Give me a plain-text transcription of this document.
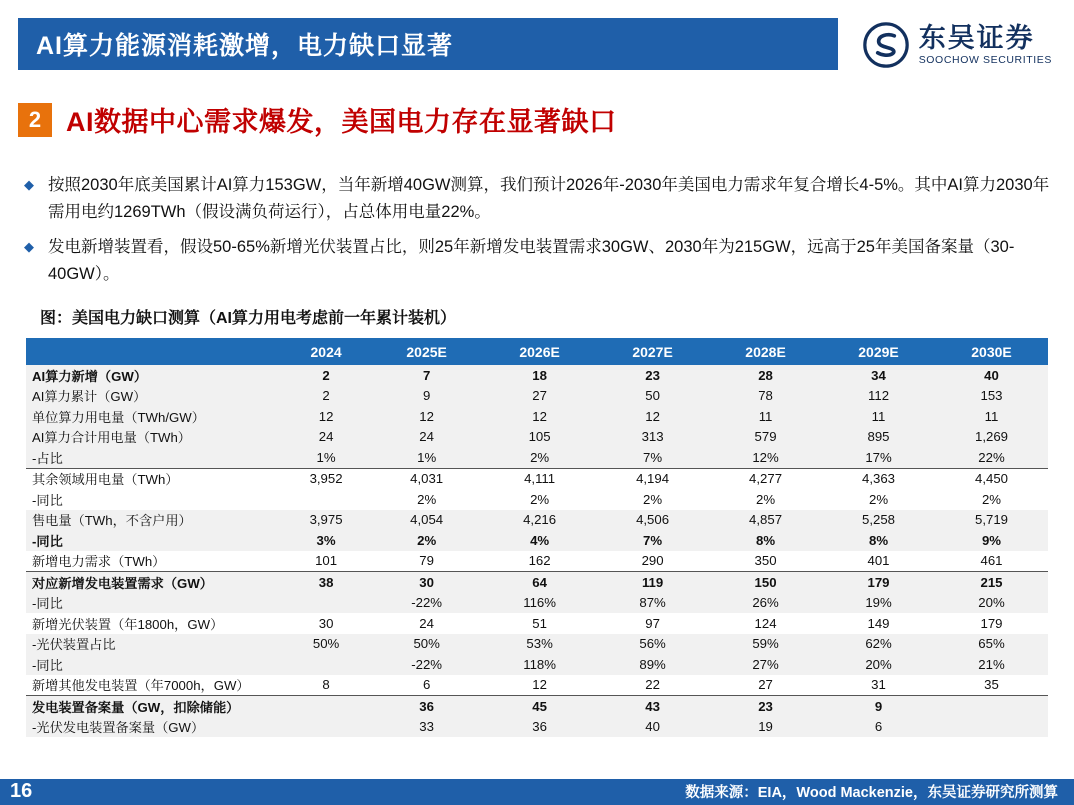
AI算力能源消耗激增，电力缺口显著	东吴证券
SOOCHOW SECURITIES
2 AI数据中心需求爆发，美国电力存在显著缺口
◆ 按照2030年底美国累计AI算力153GW，当年新增40GW测算，我们预计2026年-2030年美国电力需求年复合增长4-5%。其中AI算力2030年需用电约1269TWh（假设满负荷运行），占总体用电量22%。
◆ 发电新增装置看，假设50-65%新增光伏装置占比，则25年新增发电装置需求30GW、2030年为215GW，远高于25年美国备案量（30-40GW）。
图：美国电力缺口测算（AI算力用电考虑前一年累计装机）
	2024	2025E	2026E	2027E	2028E	2029E	2030E
AI算力新增（GW）	2	7	18	23	28	34	40
AI算力累计（GW）	2	9	27	50	78	112	153
单位算力用电量（TWh/GW）	12	12	12	12	11	11	11
AI算力合计用电量（TWh）	24	24	105	313	579	895	1,269
-占比	1%	1%	2%	7%	12%	17%	22%
其余领域用电量（TWh）	3,952	4,031	4,111	4,194	4,277	4,363	4,450
-同比		2%	2%	2%	2%	2%	2%
售电量（TWh，不含户用）	3,975	4,054	4,216	4,506	4,857	5,258	5,719
-同比	3%	2%	4%	7%	8%	8%	9%
新增电力需求（TWh）	101	79	162	290	350	401	461
对应新增发电装置需求（GW）	38	30	64	119	150	179	215
-同比		-22%	116%	87%	26%	19%	20%
新增光伏装置（年1800h，GW）	30	24	51	97	124	149	179
-光伏装置占比	50%	50%	53%	56%	59%	62%	65%
-同比		-22%	118%	89%	27%	20%	21%
新增其他发电装置（年7000h，GW）	8	6	12	22	27	31	35
发电装置备案量（GW，扣除储能）		36	45	43	23	9	
-光伏发电装置备案量（GW）		33	36	40	19	6	
16	数据来源：EIA，Wood Mackenzie，东吴证券研究所测算
